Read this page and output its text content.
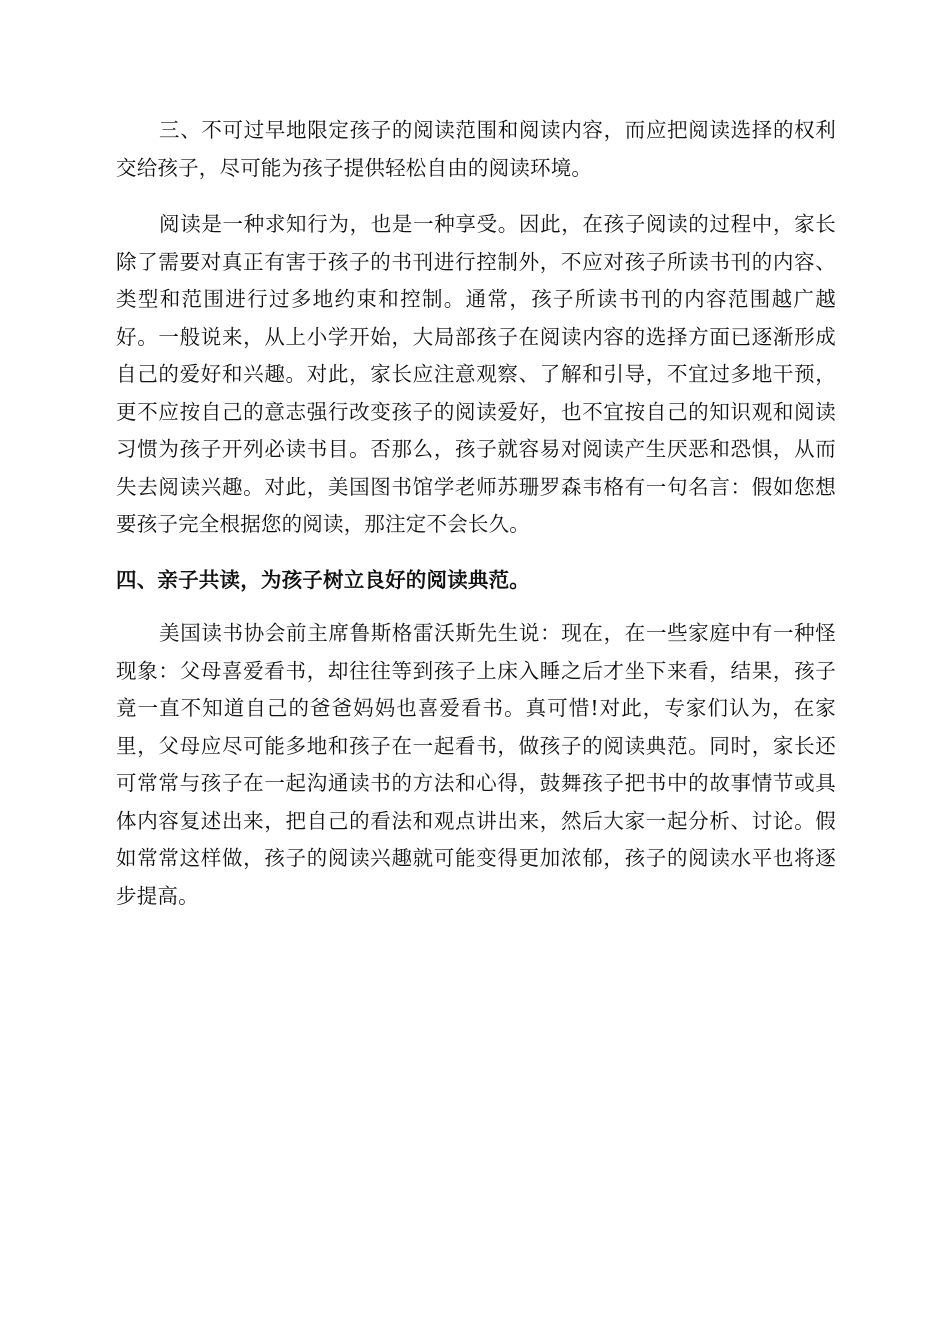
三、不可过早地限定孩子的阅读范围和阅读内容，而应把阅读选择的权利交给孩子，尽可能为孩子提供轻松自由的阅读环境。

阅读是一种求知行为，也是一种享受。因此，在孩子阅读的过程中，家长除了需要对真正有害于孩子的书刊进行控制外，不应对孩子所读书刊的内容、类型和范围进行过多地约束和控制。通常，孩子所读书刊的内容范围越广越好。一般说来，从上小学开始，大局部孩子在阅读内容的选择方面已逐渐形成自己的爱好和兴趣。对此，家长应注意观察、了解和引导，不宜过多地干预，更不应按自己的意志强行改变孩子的阅读爱好，也不宜按自己的知识观和阅读习惯为孩子开列必读书目。否那么，孩子就容易对阅读产生厌恶和恐惧，从而失去阅读兴趣。对此，美国图书馆学老师苏珊罗森韦格有一句名言：假如您想要孩子完全根据您的阅读，那注定不会长久。

四、亲子共读，为孩子树立良好的阅读典范。

美国读书协会前主席鲁斯格雷沃斯先生说：现在，在一些家庭中有一种怪现象：父母喜爱看书，却往往等到孩子上床入睡之后才坐下来看，结果，孩子竟一直不知道自己的爸爸妈妈也喜爱看书。真可惜!对此，专家们认为，在家里，父母应尽可能多地和孩子在一起看书，做孩子的阅读典范。同时，家长还可常常与孩子在一起沟通读书的方法和心得，鼓舞孩子把书中的故事情节或具体内容复述出来，把自己的看法和观点讲出来，然后大家一起分析、讨论。假如常常这样做，孩子的阅读兴趣就可能变得更加浓郁，孩子的阅读水平也将逐步提高。
